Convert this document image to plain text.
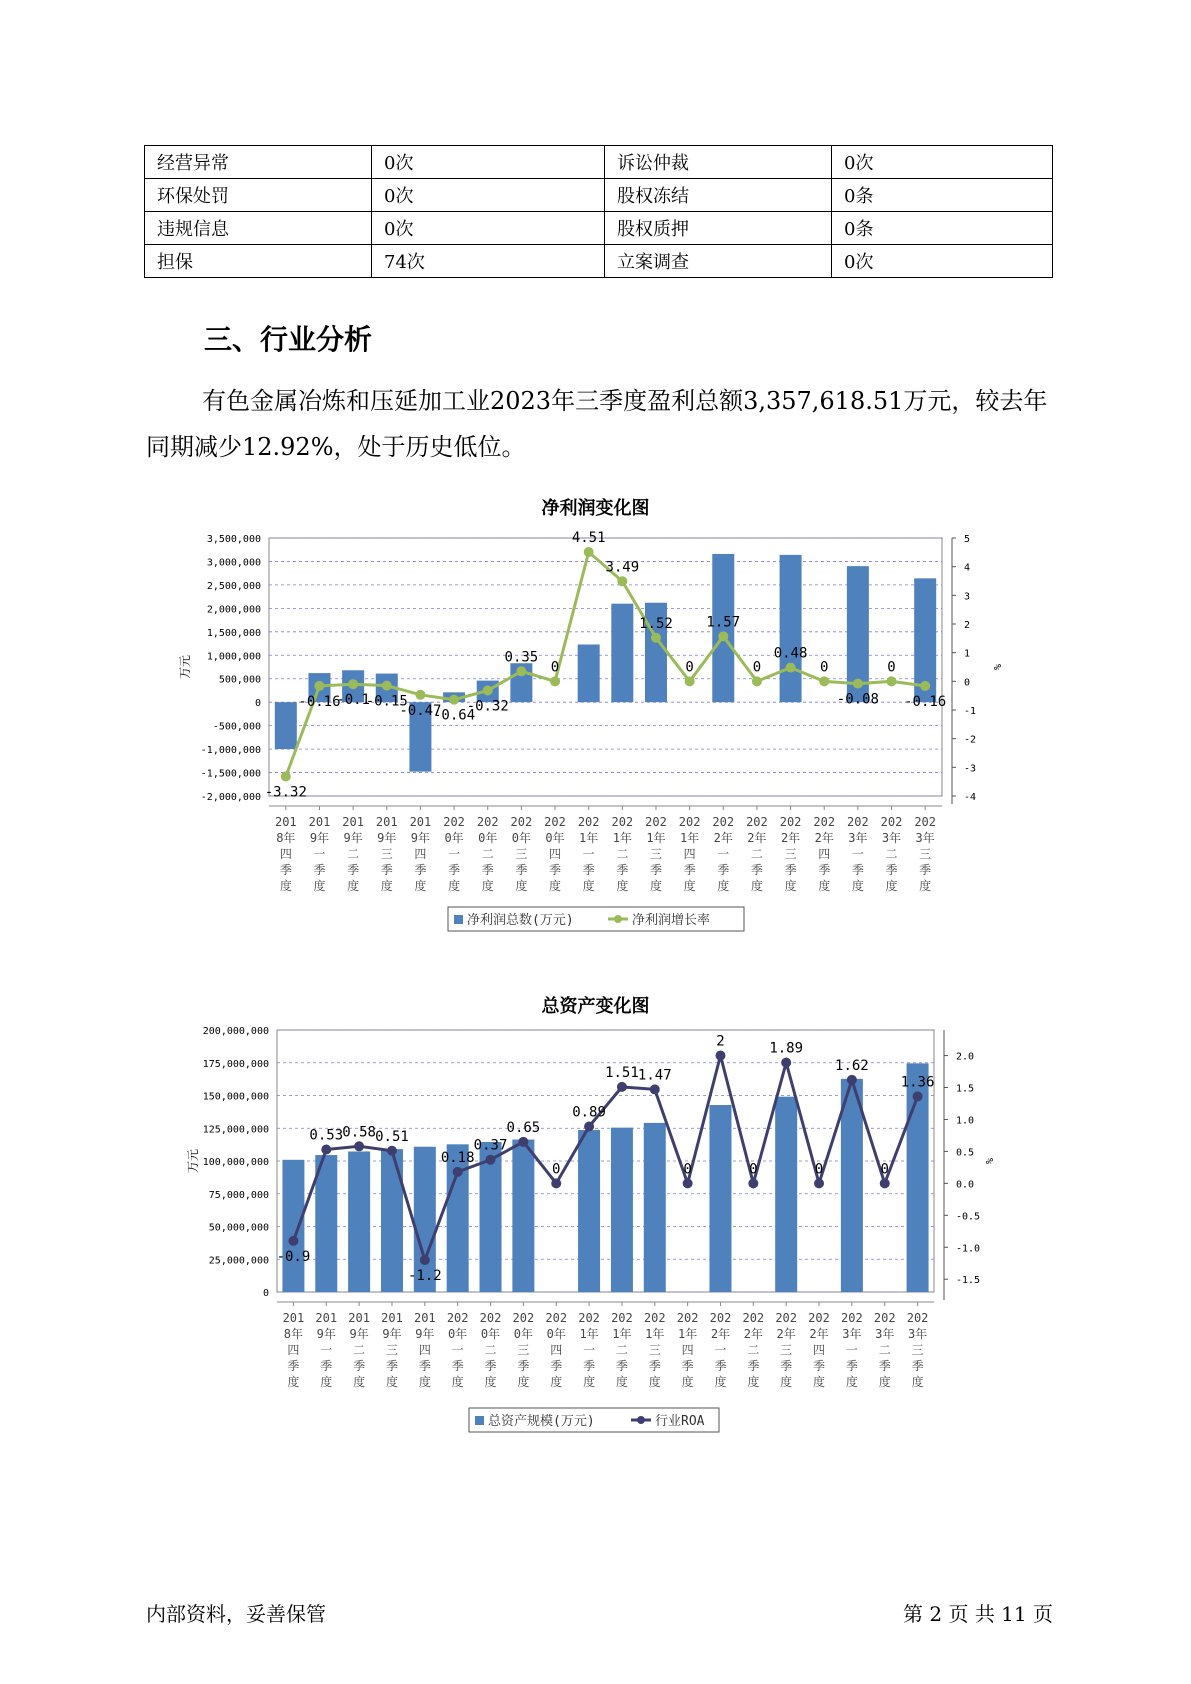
经营异常	0次	诉讼仲裁	0次
环保处罚	0次	股权冻结	0条
违规信息	0次	股权质押	0条
担保	74次	立案调查	0次
三、行业分析
有色金属冶炼和压延加工业2023年三季度盈利总额3,357,618.51万元，较去年同期减少12.92%，处于历史低位。
净利润变化图
3,500,000
3,000,000
2,500,000
2,000,000
1,500,000
1,000,000
500,000
0
-500,000
-1,000,000
-1,500,000
-2,000,000
5
4
3
2
1
0
-1
-2
-3
-4
万元	%
201 8年四季度
201 9年一季度
201 9年二季度
201 9年三季度
201 9年四季度
202 0年一季度
202 0年二季度
202 0年三季度
202 0年四季度
202 1年一季度
202 1年二季度
202 1年三季度
202 1年四季度
202 2年一季度
202 2年二季度
202 2年三季度
202 2年四季度
202 3年一季度
202 3年二季度
202 3年三季度
-3.32
-0.16
-0.1
-0.15
-0.47
-0.64
-0.32
0.35
0
4.51
3.49
1.52
0
1.57
0
0.48
0
-0.08
0
-0.16
净利润总数(万元)	净利润增长率
总资产变化图
200,000,000
175,000,000
150,000,000
125,000,000
100,000,000
75,000,000
50,000,000
25,000,000
0
2.0
1.5
1.0
0.5
0.0
-0.5
-1.0
-1.5
万元	%
201 8年四季度
201 9年一季度
201 9年二季度
201 9年三季度
201 9年四季度
202 0年一季度
202 0年二季度
202 0年三季度
202 0年四季度
202 1年一季度
202 1年二季度
202 1年三季度
202 1年四季度
202 2年一季度
202 2年二季度
202 2年三季度
202 2年四季度
202 3年一季度
202 3年二季度
202 3年三季度
-0.9
0.53 0.58 0.51
-1.2
0.18
0.37
0.65
0
0.89
1.51 1.47
0
2
0
1.89
0
1.62
0
1.36
总资产规模(万元)	行业ROA
内部资料，妥善保管	第 2 页 共 11 页
